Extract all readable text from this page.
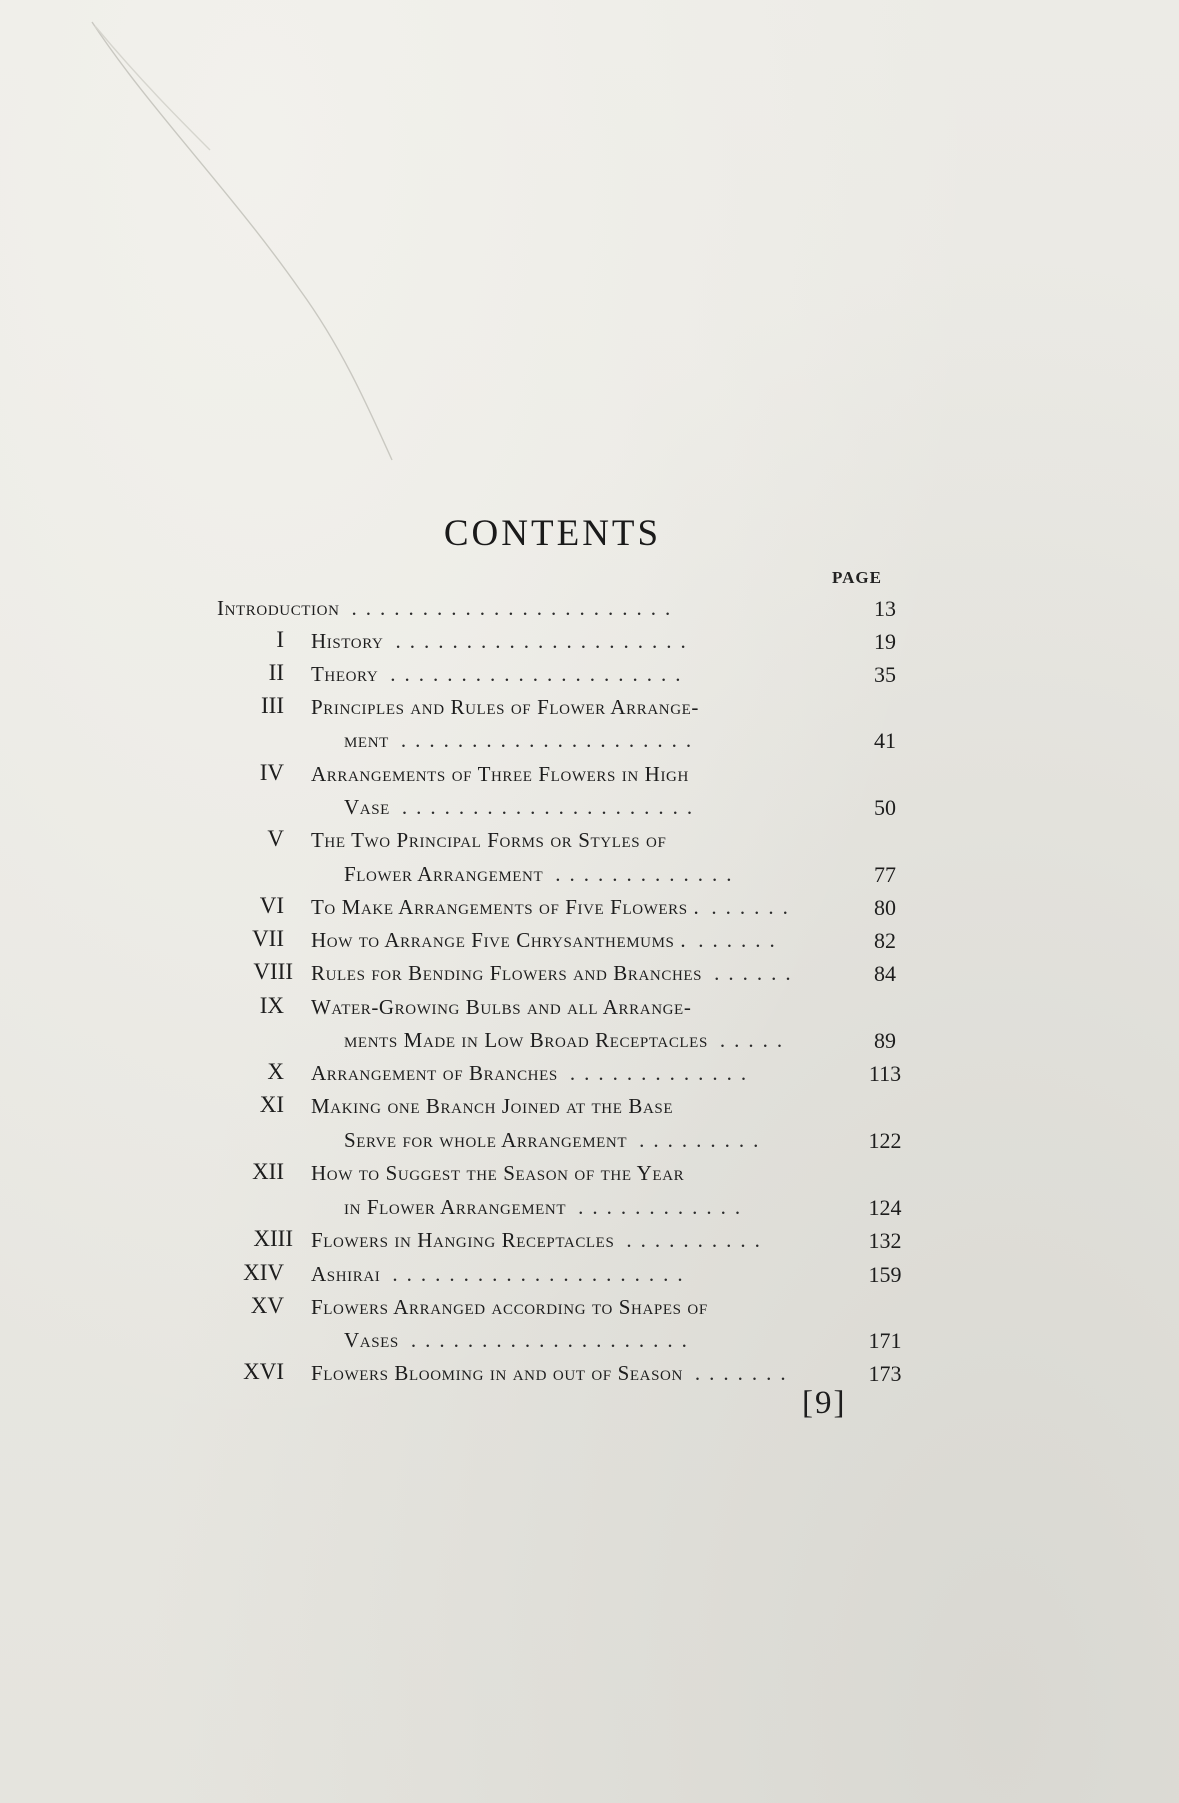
CONTENTS
PAGE
Introduction .......................	13
I History .....................	19
II Theory .....................	35
III Principles and Rules of Flower Arrange-
ment .....................	41
IV Arrangements of Three Flowers in High
Vase .....................	50
V The Two Principal Forms or Styles of
Flower Arrangement .............	77
VI To Make Arrangements of Five Flowers . ......	80
VII How to Arrange Five Chrysanthemums . ......	82
VIII Rules for Bending Flowers and Branches ......	84
IX Water-Growing Bulbs and all Arrange-
ments Made in Low Broad Receptacles .....	89
X Arrangement of Branches .............	113
XI Making one Branch Joined at the Base
Serve for whole Arrangement .........	122
XII How to Suggest the Season of the Year
in Flower Arrangement ............	124
XIII Flowers in Hanging Receptacles ..........	132
XIV Ashirai .....................	159
XV Flowers Arranged according to Shapes of
Vases ....................	171
XVI Flowers Blooming in and out of Season .......	173
[9]
